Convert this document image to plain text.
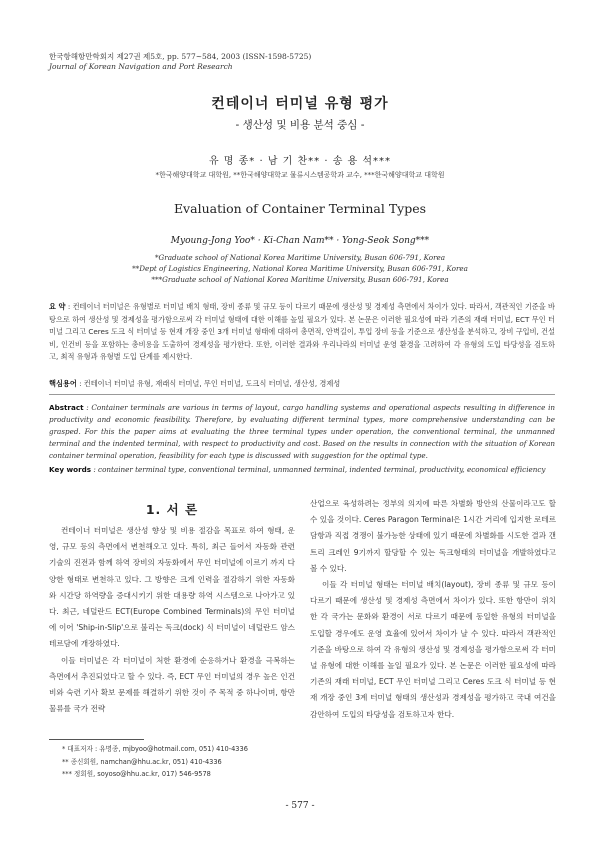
한국항해항만학회지 제27권 제5호, pp. 577~584, 2003 (ISSN-1598-5725)
Journal of Korean Navigation and Port Research
컨테이너 터미널 유형 평가
- 생산성 및 비용 분석 중심 -
유 명 종* · 남 기 찬** · 송 용 석***
*한국해양대학교 대학원, **한국해양대학교 물류시스템공학과 교수, ***한국해양대학교 대학원
Evaluation of Container Terminal Types
Myoung-Jong Yoo* · Ki-Chan Nam** · Yong-Seok Song***
*Graduate school of National Korea Maritime University, Busan 606-791, Korea
**Dept of Logistics Engineering, National Korea Maritime University, Busan 606-791, Korea
***Graduate school of National Korea Maritime University, Busan 606-791, Korea
요 약 : 컨테이너 터미널은 유형별로 터미널 배치 형태, 장비 종류 및 규모 등이 다르기 때문에 생산성 및 경제성 측면에서 차이가 있다. 따라서, 객관적인 기준을 바탕으로 하여 생산성 및 경제성을 평가함으로써 각 터미널 형태에 대한 이해를 높일 필요가 있다. 본 논문은 이러한 필요성에 따라 기존의 재래 터미널, ECT 무인 터미널 그리고 Ceres 도크 식 터미널 등 현재 개장 중인 3개 터미널 형태에 대하여 총면적, 안벽길이, 투입 장비 등을 기준으로 생산성을 분석하고, 장비 구입비, 건설비, 인건비 등을 포함하는 총비용을 도출하여 경제성을 평가한다. 또한, 이러한 결과와 우리나라의 터미널 운영 환경을 고려하여 각 유형의 도입 타당성을 검토하고, 최적 유형과 유형별 도입 단계를 제시한다.
핵심용어 : 컨테이너 터미널 유형, 재래식 터미널, 무인 터미널, 도크식 터미널, 생산성, 경제성
Abstract : Container terminals are various in terms of layout, cargo handling systems and operational aspects resulting in difference in productivity and economic feasibility. Therefore, by evaluating different terminal types, more comprehensive understanding can be grasped. For this the paper aims at evaluating the three terminal types under operation, the conventional terminal, the unmanned terminal and the indented terminal, with respect to productivity and cost. Based on the results in connection with the situation of Korean container terminal operation, feasibility for each type is discussed with suggestion for the optimal type.
Key words : container terminal type, conventional terminal, unmanned terminal, indented terminal, productivity, economical efficiency
1. 서 론

컨테이너 터미널은 생산성 향상 및 비용 절감을 목표로 하여 형태, 운영, 규모 등의 측면에서 변천해오고 있다. 특히, 최근 들어서 자동화 관련 기술의 진전과 함께 하역 장비의 자동화에서 무인 터미널에 이르기 까지 다양한 형태로 변천하고 있다. 그 방향은 크게 인력을 절감하기 위한 자동화와 시간당 하역량을 증대시키기 위한 대용량 하역 시스템으로 나아가고 있다. 최근, 네덜란드 ECT(Europe Combined Terminals)의 무인 터미널에 이어 'Ship-in-Slip'으로 불리는 독크(dock) 식 터미널이 네덜란드 암스테르담에 개장하였다.

이들 터미널은 각 터미널이 처한 환경에 순응하거나 환경을 극복하는 측면에서 추진되었다고 할 수 있다. 즉, ECT 무인 터미널의 경우 높은 인건비와 숙련 기사 확보 문제를 해결하기 위한 것이 주 목적 중 하나이며, 항만물류를 국가 전략

산업으로 육성하려는 정부의 의지에 따른 차별화 방안의 산물이라고도 할 수 있을 것이다. Ceres Paragon Terminal은 1시간 거리에 입지한 로테르담항과 직접 경쟁이 불가능한 상태에 있기 때문에 차별화를 시도한 결과 갠트리 크레인 9기까지 할당할 수 있는 독크형태의 터미널을 개발하였다고 볼 수 있다.

이들 각 터미널 형태는 터미널 배치(layout), 장비 종류 및 규모 등이 다르기 때문에 생산성 및 경제성 측면에서 차이가 있다. 또한 항만이 위치한 각 국가는 문화와 환경이 서로 다르기 때문에 동일한 유형의 터미널을 도입할 경우에도 운영 효율에 있어서 차이가 날 수 있다. 따라서 객관적인 기준을 바탕으로 하여 각 유형의 생산성 및 경제성을 평가함으로써 각 터미널 유형에 대한 이해를 높일 필요가 있다. 본 논문은 이러한 필요성에 따라 기존의 재래 터미널, ECT 무인 터미널 그리고 Ceres 도크 식 터미널 등 현재 개장 중인 3계 터미널 형태의 생산성과 경제성을 평가하고 국내 여건을 감안하여 도입의 타당성을 검토하고자 한다.

* 대표저자 : 유명종, mjbyoo@hotmail.com, 051) 410-4336
** 종신회원, namchan@hhu.ac.kr, 051) 410-4336
*** 정회원, soyoso@hhu.ac.kr, 017) 546-9578
- 577 -
